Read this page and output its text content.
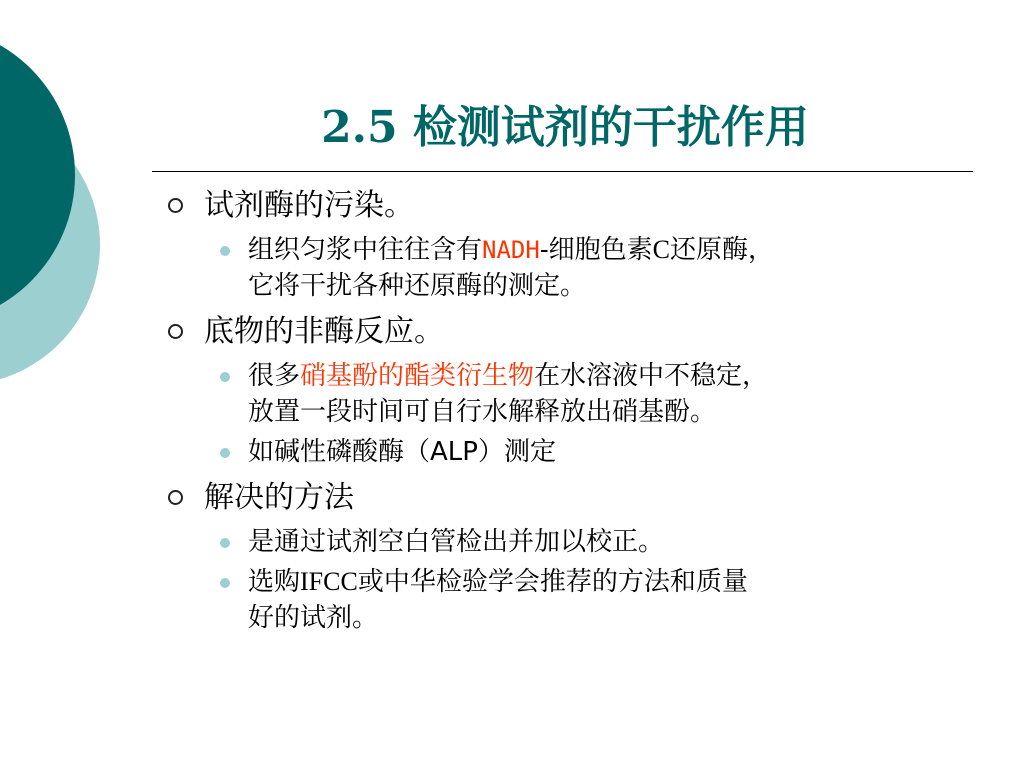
2.5 检测试剂的干扰作用
试剂酶的污染。
组织匀浆中往往含有NADH-细胞色素C还原酶，
它将干扰各种还原酶的测定。
底物的非酶反应。
很多硝基酚的酯类衍生物在水溶液中不稳定，
放置一段时间可自行水解释放出硝基酚。
如碱性磷酸酶（ALP）测定
解决的方法
是通过试剂空白管检出并加以校正。
选购IFCC或中华检验学会推荐的方法和质量
好的试剂。
